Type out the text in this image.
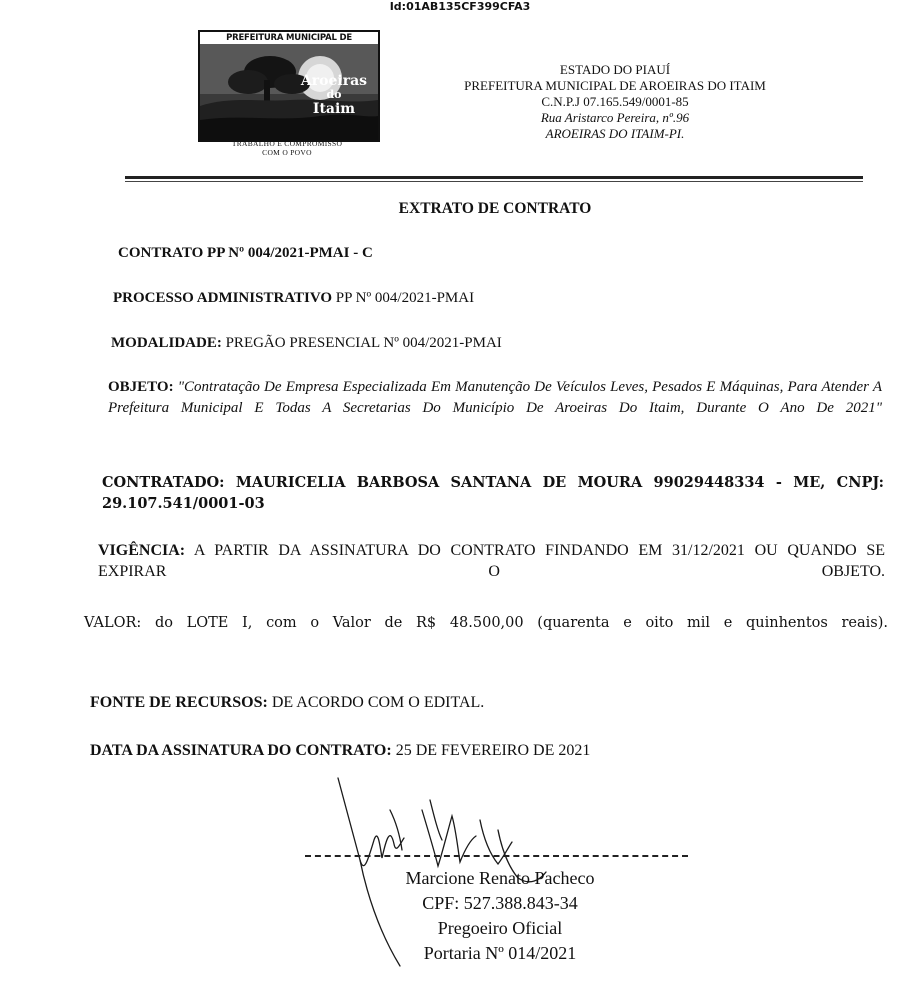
Id:01AB135CF399CFA3
PREFEITURA MUNICIPAL DE
Aroeiras
do
Itaim
TRABALHO E COMPROMISSO
COM O POVO
ESTADO DO PIAUÍ
PREFEITURA MUNICIPAL DE AROEIRAS DO ITAIM
C.N.P.J 07.165.549/0001-85
Rua Aristarco Pereira, nº.96
AROEIRAS DO ITAIM-PI.
EXTRATO DE CONTRATO
CONTRATO PP Nº 004/2021-PMAI - C
PROCESSO ADMINISTRATIVO PP Nº 004/2021-PMAI
MODALIDADE: PREGÃO PRESENCIAL Nº 004/2021-PMAI
OBJETO: "Contratação De Empresa Especializada Em Manutenção De Veículos Leves, Pesados E Máquinas, Para Atender A Prefeitura Municipal E Todas A Secretarias Do Município De Aroeiras Do Itaim, Durante O Ano De 2021"
CONTRATADO: MAURICELIA BARBOSA SANTANA DE MOURA 99029448334 - ME, CNPJ: 29.107.541/0001-03
VIGÊNCIA: A PARTIR DA ASSINATURA DO CONTRATO FINDANDO EM 31/12/2021 OU QUANDO SE EXPIRAR O OBJETO.
VALOR: do LOTE I, com o Valor de R$ 48.500,00 (quarenta e oito mil e quinhentos reais).
FONTE DE RECURSOS: DE ACORDO COM O EDITAL.
DATA DA ASSINATURA DO CONTRATO: 25 DE FEVEREIRO DE 2021
Marcione Renato Pacheco
CPF: 527.388.843-34
Pregoeiro Oficial
Portaria Nº 014/2021
